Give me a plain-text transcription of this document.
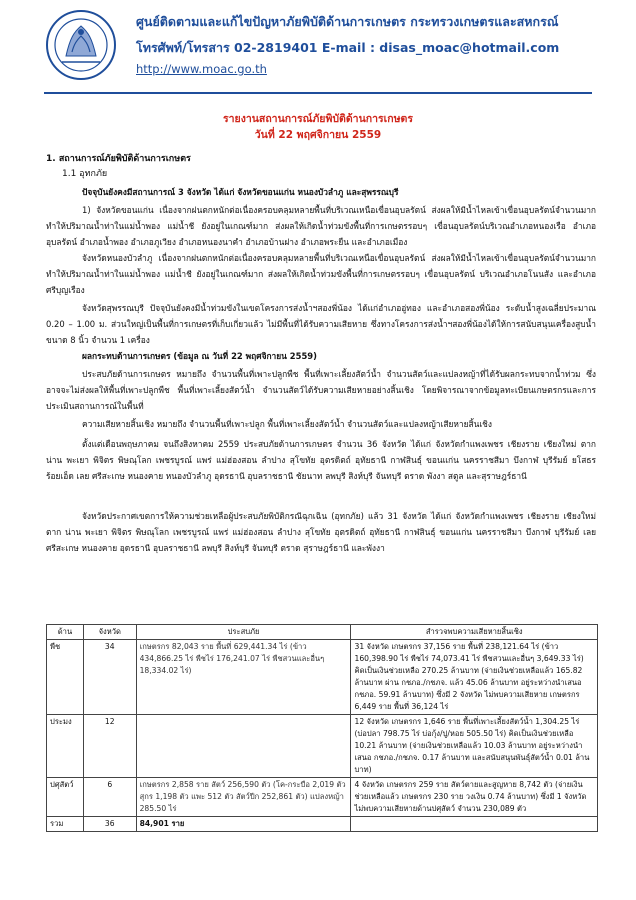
ศูนย์ติดตามและแก้ไขปัญหาภัยพิบัติด้านการเกษตร กระทรวงเกษตรและสหกรณ์
โทรศัพท์/โทรสาร 02-2819401 E-mail : disas_moac@hotmail.com
http://www.moac.go.th
รายงานสถานการณ์ภัยพิบัติด้านการเกษตร
วันที่ 22 พฤศจิกายน 2559
1. สถานการณ์ภัยพิบัติด้านการเกษตร
1.1 อุทกภัย
ปัจจุบันยังคงมีสถานการณ์ 3 จังหวัด ได้แก่ จังหวัดขอนแก่น หนองบัวลำภู และสุพรรณบุรี
1) จังหวัดขอนแก่น เนื่องจากฝนตกหนักต่อเนื่องครอบคลุมหลายพื้นที่บริเวณเหนือเขื่อนอุบลรัตน์ ส่งผลให้มีน้ำไหลเข้าเขื่อนอุบลรัตน์จำนวนมาก ทำให้ปริมาณน้ำท่าในแม่น้ำพอง แม่น้ำชี ยังอยู่ในเกณฑ์มาก ส่งผลให้เกิดน้ำท่วมขังพื้นที่การเกษตรรอบๆ เขื่อนอุบลรัตน์บริเวณอำเภอหนองเรือ อำเภออุบลรัตน์ อำเภอน้ำพอง อำเภอภูเวียง อำเภอหนองนาคำ อำเภอบ้านฝาง อำเภอพระยืน และอำเภอเมือง
จังหวัดหนองบัวลำภู เนื่องจากฝนตกหนักต่อเนื่องครอบคลุมหลายพื้นที่บริเวณเหนือเขื่อนอุบลรัตน์ ส่งผลให้มีน้ำไหลเข้าเขื่อนอุบลรัตน์จำนวนมาก ทำให้ปริมาณน้ำท่าในแม่น้ำพอง แม่น้ำชี ยังอยู่ในเกณฑ์มาก ส่งผลให้เกิดน้ำท่วมขังพื้นที่การเกษตรรอบๆ เขื่อนอุบลรัตน์ บริเวณอำเภอโนนสัง และอำเภอศรีบุญเรือง
จังหวัดสุพรรณบุรี ปัจจุบันยังคงมีน้ำท่วมขังในเขตโครงการส่งน้ำฯสองพี่น้อง ได้แก่อำเภออู่ทอง และอำเภอสองพี่น้อง ระดับน้ำสูงเฉลี่ยประมาณ 0.20 – 1.00 ม. ส่วนใหญ่เป็นพื้นที่การเกษตรที่เก็บเกี่ยวแล้ว ไม่มีพื้นที่ได้รับความเสียหาย ซึ่งทางโครงการส่งน้ำฯสองพี่น้องได้ให้การสนับสนุนเครื่องสูบน้ำขนาด 8 นิ้ว จำนวน 1 เครื่อง
ผลกระทบด้านการเกษตร (ข้อมูล ณ วันที่ 22 พฤศจิกายน 2559)
ประสบภัยด้านการเกษตร หมายถึง จำนวนพื้นที่เพาะปลูกพืช พื้นที่เพาะเลี้ยงสัตว์น้ำ จำนวนสัตว์และแปลงหญ้าที่ได้รับผลกระทบจากน้ำท่วม ซึ่งอาจจะไม่ส่งผลให้พื้นที่เพาะปลูกพืช พื้นที่เพาะเลี้ยงสัตว์น้ำ จำนวนสัตว์ได้รับความเสียหายอย่างสิ้นเชิง โดยพิจารณาจากข้อมูลทะเบียนเกษตรกรและการประเมินสถานการณ์ในพื้นที่
ความเสียหายสิ้นเชิง หมายถึง จำนวนพื้นที่เพาะปลูก พื้นที่เพาะเลี้ยงสัตว์น้ำ จำนวนสัตว์และแปลงหญ้าเสียหายสิ้นเชิง
ตั้งแต่เดือนพฤษภาคม จนถึงสิงหาคม 2559 ประสบภัยด้านการเกษตร จำนวน 36 จังหวัด ได้แก่ จังหวัดกำแพงเพชร เชียงราย เชียงใหม่ ตาก น่าน พะเยา พิจิตร พิษณุโลก เพชรบูรณ์ แพร่ แม่ฮ่องสอน ลำปาง สุโขทัย อุตรดิตถ์ อุทัยธานี กาฬสินธุ์ ขอนแก่น นครราชสีมา บึงกาฬ บุรีรัมย์ ยโสธร ร้อยเอ็ด เลย ศรีสะเกษ หนองคาย หนองบัวลำภู อุดรธานี อุบลราชธานี ชัยนาท ลพบุรี สิงห์บุรี จันทบุรี ตราด พังงา สตูล และสุราษฎร์ธานี
จังหวัดประกาศเขตการให้ความช่วยเหลือผู้ประสบภัยพิบัติกรณีฉุกเฉิน (อุทกภัย) แล้ว 31 จังหวัด ได้แก่ จังหวัดกำแพงเพชร เชียงราย เชียงใหม่ ตาก น่าน พะเยา พิจิตร พิษณุโลก เพชรบูรณ์ แพร่ แม่ฮ่องสอน ลำปาง สุโขทัย อุตรดิตถ์ อุทัยธานี กาฬสินธุ์ ขอนแก่น นครราชสีมา บึงกาฬ บุรีรัมย์ เลย ศรีสะเกษ หนองคาย อุดรธานี อุบลราชธานี ลพบุรี สิงห์บุรี จันทบุรี ตราด สุราษฎร์ธานี และพังงา
ด้าน	จังหวัด	ประสบภัย	สำรวจพบความเสียหายสิ้นเชิง
พืช	34	เกษตรกร 82,043 ราย พื้นที่ 629,441.34 ไร่ (ข้าว 434,866.25 ไร่ พืชไร่ 176,241.07 ไร่ พืชสวนและอื่นๆ 18,334.02 ไร่)	31 จังหวัด เกษตรกร 37,156 ราย พื้นที่ 238,121.64 ไร่ (ข้าว 160,398.90 ไร่ พืชไร่ 74,073.41 ไร่ พืชสวนและอื่นๆ 3,649.33 ไร่) คิดเป็นเงินช่วยเหลือ 270.25 ล้านบาท (จ่ายเงินช่วยเหลือแล้ว 165.82 ล้านบาท ผ่าน กชภอ./กชภจ. แล้ว 45.06 ล้านบาท อยู่ระหว่างนำเสนอ กชภอ. 59.91 ล้านบาท) ซึ่งมี 2 จังหวัด ไม่พบความเสียหาย เกษตรกร 6,449 ราย พื้นที่ 36,124 ไร่
ประมง	12		12 จังหวัด เกษตรกร 1,646 ราย พื้นที่เพาะเลี้ยงสัตว์น้ำ 1,304.25 ไร่ (บ่อปลา 798.75 ไร่ บ่อกุ้ง/ปู/หอย 505.50 ไร่) คิดเป็นเงินช่วยเหลือ 10.21 ล้านบาท (จ่ายเงินช่วยเหลือแล้ว 10.03 ล้านบาท อยู่ระหว่างนำเสนอ กชภอ./กชภจ. 0.17 ล้านบาท และสนับสนุนพันธุ์สัตว์น้ำ 0.01 ล้านบาท)
ปศุสัตว์	6	เกษตรกร 2,858 ราย สัตว์ 256,590 ตัว (โค-กระบือ 2,019 ตัว สุกร 1,198 ตัว แพะ 512 ตัว สัตว์ปีก 252,861 ตัว) แปลงหญ้า 285.50 ไร่	4 จังหวัด เกษตรกร 259 ราย สัตว์ตายและสูญหาย 8,742 ตัว (จ่ายเงินช่วยเหลือแล้ว เกษตรกร 230 ราย วงเงิน 0.74 ล้านบาท) ซึ่งมี 1 จังหวัด ไม่พบความเสียหายด้านปศุสัตว์ จำนวน 230,089 ตัว
รวม	36	84,901 ราย	
